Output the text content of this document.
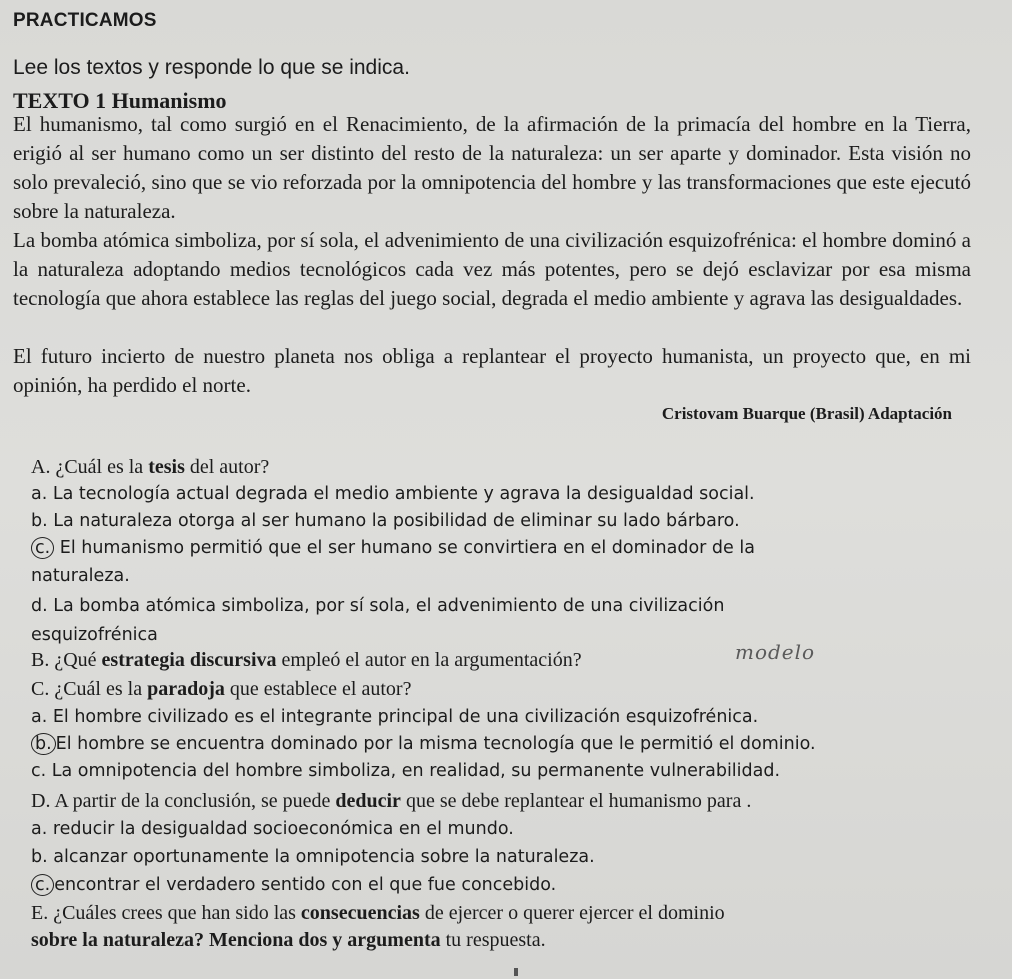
PRACTICAMOS
Lee los textos y responde lo que se indica.
TEXTO 1 Humanismo
El humanismo, tal como surgió en el Renacimiento, de la afirmación de la primacía del hombre en la Tierra, erigió al ser humano como un ser distinto del resto de la naturaleza: un ser aparte y dominador. Esta visión no solo prevaleció, sino que se vio reforzada por la omnipotencia del hombre y las transformaciones que este ejecutó sobre la naturaleza.
La bomba atómica simboliza, por sí sola, el advenimiento de una civilización esquizofrénica: el hombre dominó a la naturaleza adoptando medios tecnológicos cada vez más potentes, pero se dejó esclavizar por esa misma tecnología que ahora establece las reglas del juego social, degrada el medio ambiente y agrava las desigualdades.
El futuro incierto de nuestro planeta nos obliga a replantear el proyecto humanista, un proyecto que, en mi opinión, ha perdido el norte.
Cristovam Buarque (Brasil) Adaptación
A. ¿Cuál es la tesis del autor?
a. La tecnología actual degrada el medio ambiente y agrava la desigualdad social.
b. La naturaleza otorga al ser humano la posibilidad de eliminar su lado bárbaro.
c. El humanismo permitió que el ser humano se convirtiera en el dominador de la
naturaleza.
d. La bomba atómica simboliza, por sí sola, el advenimiento de una civilización
esquizofrénica
B. ¿Qué estrategia discursiva empleó el autor en la argumentación?	modelo
C. ¿Cuál es la paradoja que establece el autor?
a. El hombre civilizado es el integrante principal de una civilización esquizofrénica.
b. El hombre se encuentra dominado por la misma tecnología que le permitió el dominio.
c. La omnipotencia del hombre simboliza, en realidad, su permanente vulnerabilidad.
D. A partir de la conclusión, se puede deducir que se debe replantear el humanismo para .
a. reducir la desigualdad socioeconómica en el mundo.
b. alcanzar oportunamente la omnipotencia sobre la naturaleza.
c. encontrar el verdadero sentido con el que fue concebido.
E. ¿Cuáles crees que han sido las consecuencias de ejercer o querer ejercer el dominio
sobre la naturaleza? Menciona dos y argumenta tu respuesta.
